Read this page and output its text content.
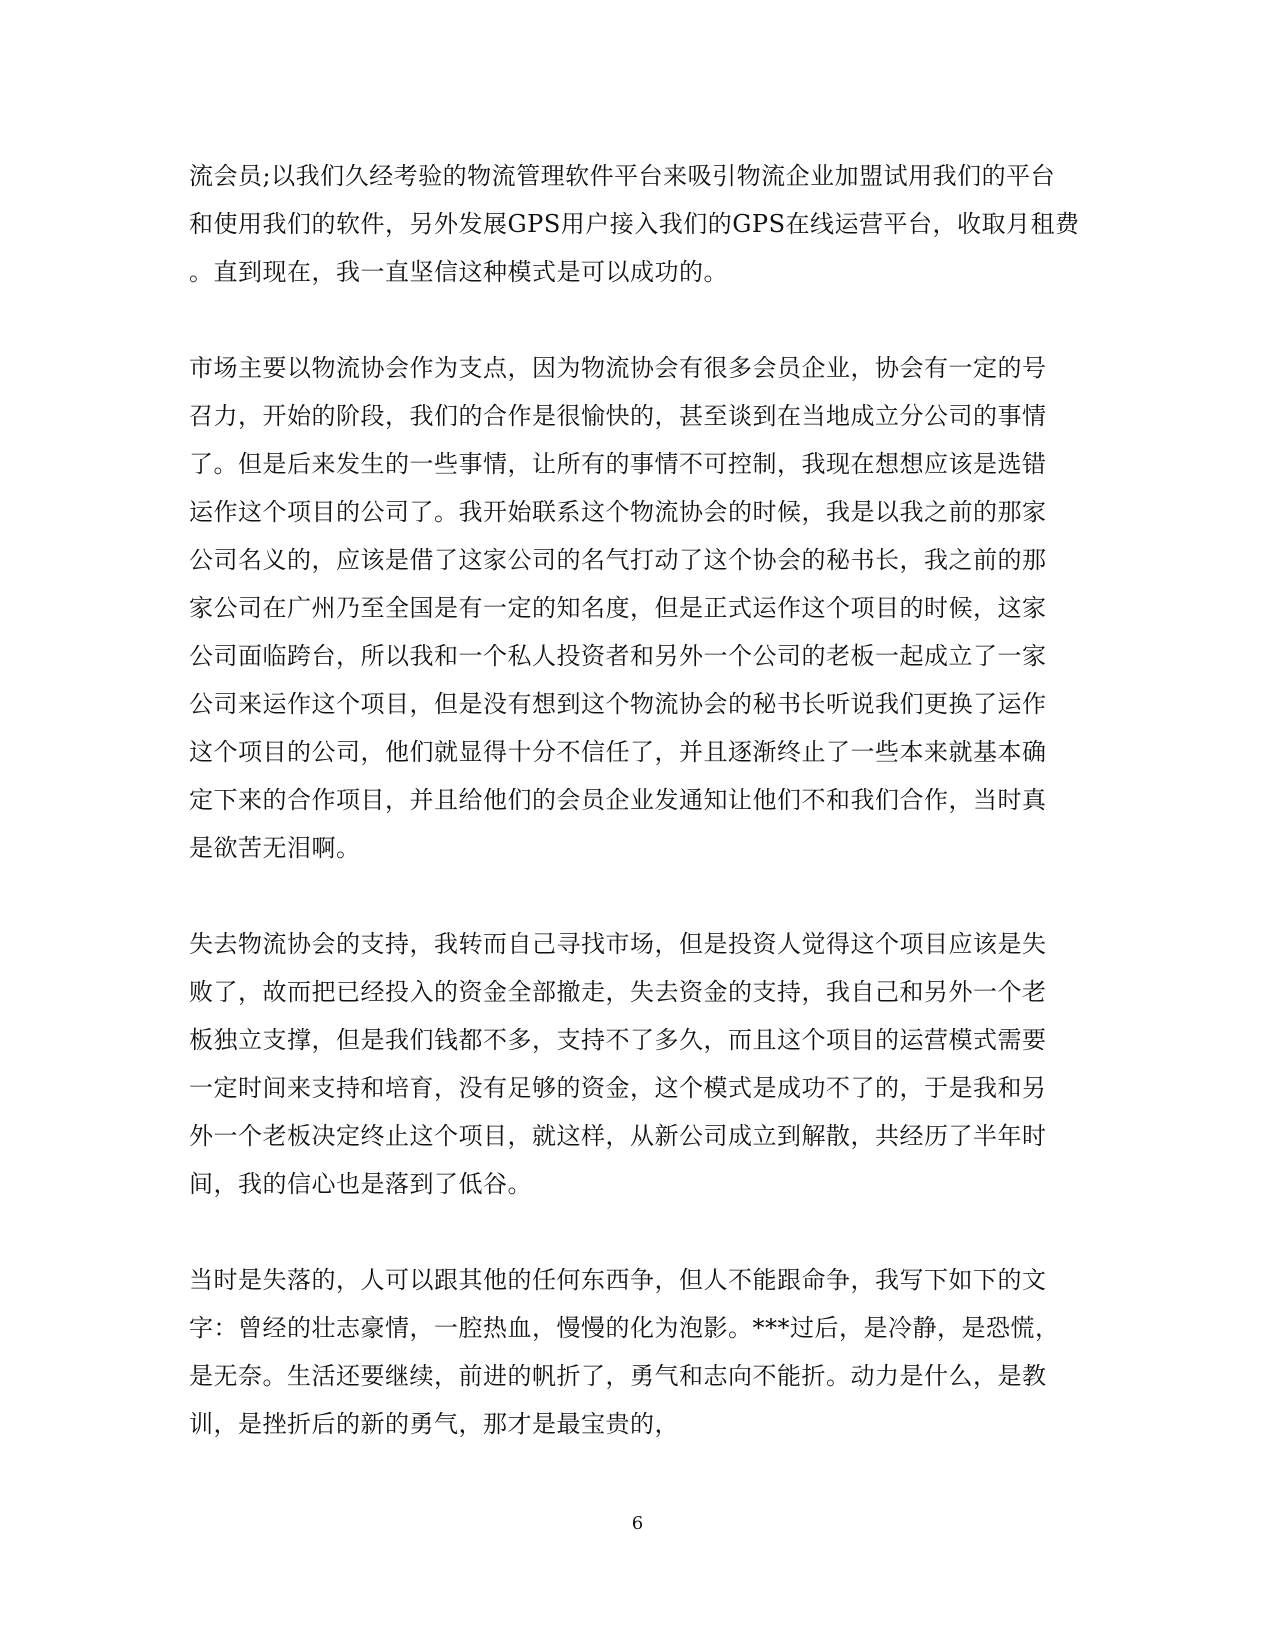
流会员;以我们久经考验的物流管理软件平台来吸引物流企业加盟试用我们的平台
和使用我们的软件，另外发展GPS用户接入我们的GPS在线运营平台，收取月租费
。直到现在，我一直坚信这种模式是可以成功的。
市场主要以物流协会作为支点，因为物流协会有很多会员企业，协会有一定的号
召力，开始的阶段，我们的合作是很愉快的，甚至谈到在当地成立分公司的事情
了。但是后来发生的一些事情，让所有的事情不可控制，我现在想想应该是选错
运作这个项目的公司了。我开始联系这个物流协会的时候，我是以我之前的那家
公司名义的，应该是借了这家公司的名气打动了这个协会的秘书长，我之前的那
家公司在广州乃至全国是有一定的知名度，但是正式运作这个项目的时候，这家
公司面临跨台，所以我和一个私人投资者和另外一个公司的老板一起成立了一家
公司来运作这个项目，但是没有想到这个物流协会的秘书长听说我们更换了运作
这个项目的公司，他们就显得十分不信任了，并且逐渐终止了一些本来就基本确
定下来的合作项目，并且给他们的会员企业发通知让他们不和我们合作，当时真
是欲苦无泪啊。
失去物流协会的支持，我转而自己寻找市场，但是投资人觉得这个项目应该是失
败了，故而把已经投入的资金全部撤走，失去资金的支持，我自己和另外一个老
板独立支撑，但是我们钱都不多，支持不了多久，而且这个项目的运营模式需要
一定时间来支持和培育，没有足够的资金，这个模式是成功不了的，于是我和另
外一个老板决定终止这个项目，就这样，从新公司成立到解散，共经历了半年时
间，我的信心也是落到了低谷。
当时是失落的，人可以跟其他的任何东西争，但人不能跟命争，我写下如下的文
字：曾经的壮志豪情，一腔热血，慢慢的化为泡影。***过后，是冷静，是恐慌，
是无奈。生活还要继续，前进的帆折了，勇气和志向不能折。动力是什么，是教
训，是挫折后的新的勇气，那才是最宝贵的，
6
